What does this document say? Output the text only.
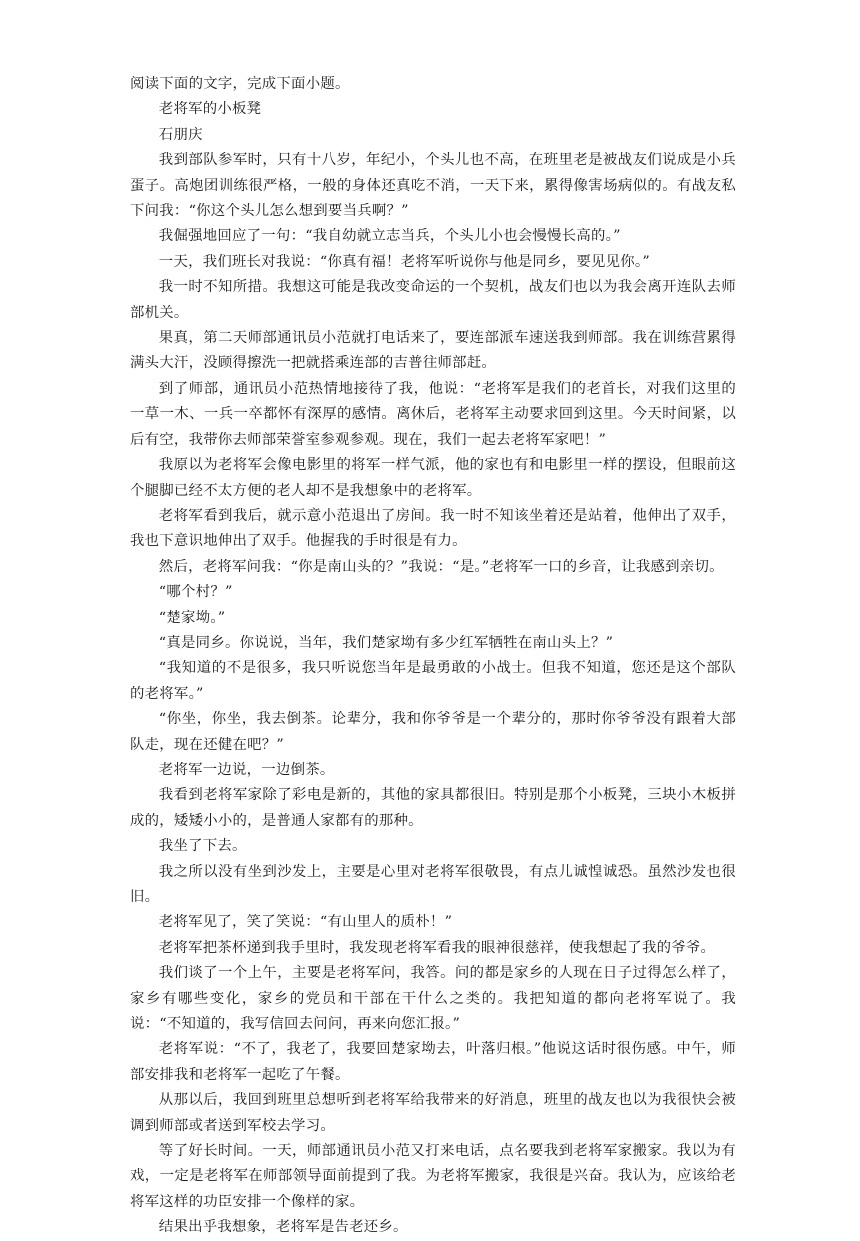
阅读下面的文字，完成下面小题。

老将军的小板凳

石朋庆

我到部队参军时，只有十八岁，年纪小，个头儿也不高，在班里老是被战友们说成是小兵蛋子。高炮团训练很严格，一般的身体还真吃不消，一天下来，累得像害场病似的。有战友私下问我：“你这个头儿怎么想到要当兵啊？”

我倔强地回应了一句：“我自幼就立志当兵，个头儿小也会慢慢长高的。”

一天，我们班长对我说：“你真有福！老将军听说你与他是同乡，要见见你。”

我一时不知所措。我想这可能是我改变命运的一个契机，战友们也以为我会离开连队去师部机关。

果真，第二天师部通讯员小范就打电话来了，要连部派车速送我到师部。我在训练营累得满头大汗，没顾得擦洗一把就搭乘连部的吉普往师部赶。

到了师部，通讯员小范热情地接待了我，他说：“老将军是我们的老首长，对我们这里的一草一木、一兵一卒都怀有深厚的感情。离休后，老将军主动要求回到这里。今天时间紧，以后有空，我带你去师部荣誉室参观参观。现在，我们一起去老将军家吧！”

我原以为老将军会像电影里的将军一样气派，他的家也有和电影里一样的摆设，但眼前这个腿脚已经不太方便的老人却不是我想象中的老将军。

老将军看到我后，就示意小范退出了房间。我一时不知该坐着还是站着，他伸出了双手，我也下意识地伸出了双手。他握我的手时很是有力。

然后，老将军问我：“你是南山头的？”我说：“是。”老将军一口的乡音，让我感到亲切。

“哪个村？”

“楚家坳。”

“真是同乡。你说说，当年，我们楚家坳有多少红军牺牲在南山头上？”

“我知道的不是很多，我只听说您当年是最勇敢的小战士。但我不知道，您还是这个部队的老将军。”

“你坐，你坐，我去倒茶。论辈分，我和你爷爷是一个辈分的，那时你爷爷没有跟着大部队走，现在还健在吧？”

老将军一边说，一边倒茶。

我看到老将军家除了彩电是新的，其他的家具都很旧。特别是那个小板凳，三块小木板拼成的，矮矮小小的，是普通人家都有的那种。

我坐了下去。

我之所以没有坐到沙发上，主要是心里对老将军很敬畏，有点儿诚惶诚恐。虽然沙发也很旧。

老将军见了，笑了笑说：“有山里人的质朴！”

老将军把茶杯递到我手里时，我发现老将军看我的眼神很慈祥，使我想起了我的爷爷。

我们谈了一个上午，主要是老将军问，我答。问的都是家乡的人现在日子过得怎么样了，家乡有哪些变化，家乡的党员和干部在干什么之类的。我把知道的都向老将军说了。我说：“不知道的，我写信回去问问，再来向您汇报。”

老将军说：“不了，我老了，我要回楚家坳去，叶落归根。”他说这话时很伤感。中午，师部安排我和老将军一起吃了午餐。

从那以后，我回到班里总想听到老将军给我带来的好消息，班里的战友也以为我很快会被调到师部或者送到军校去学习。

等了好长时间。一天，师部通讯员小范又打来电话，点名要我到老将军家搬家。我以为有戏，一定是老将军在师部领导面前提到了我。为老将军搬家，我很是兴奋。我认为，应该给老将军这样的功臣安排一个像样的家。

结果出乎我想象，老将军是告老还乡。
